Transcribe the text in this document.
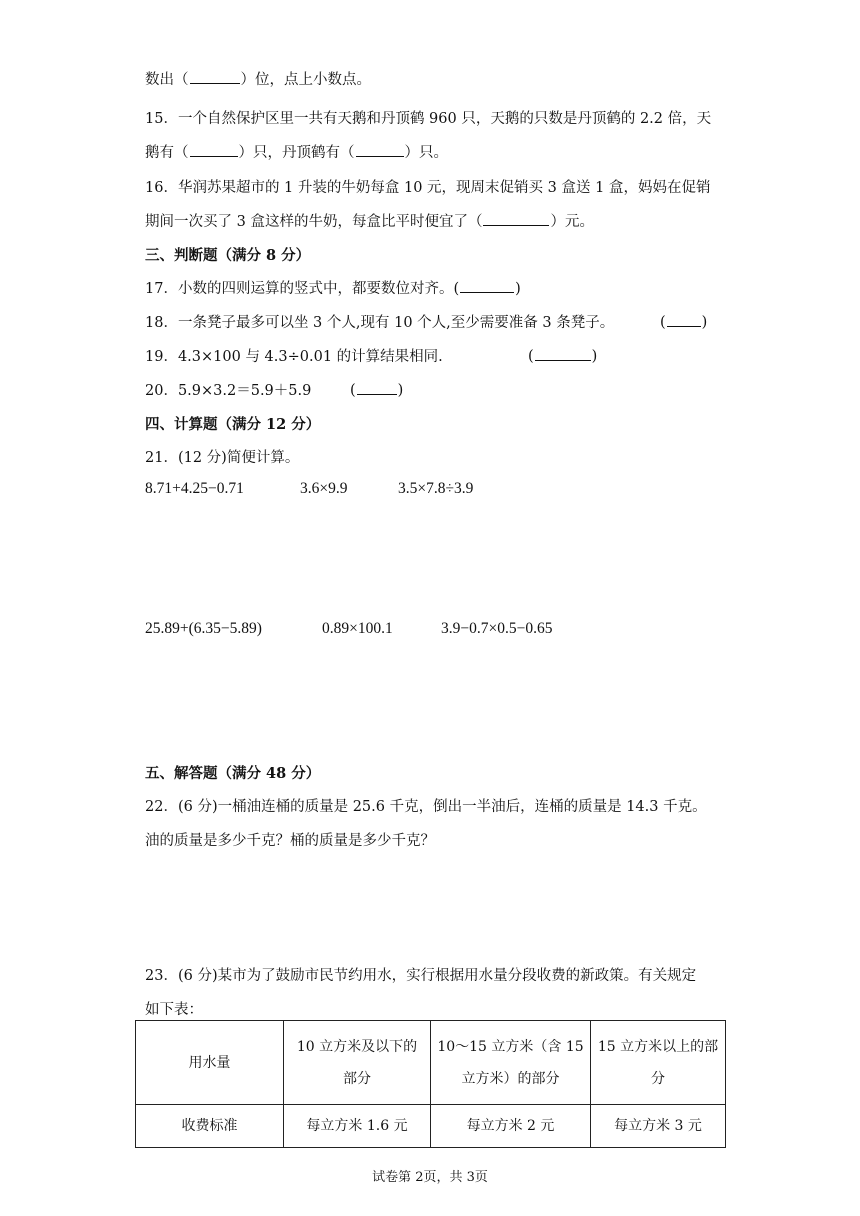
数出（	）位，点上小数点。
15．一个自然保护区里一共有天鹅和丹顶鹤 960 只，天鹅的只数是丹顶鹤的 2.2 倍，天
鹅有（	）只，丹顶鹤有（	）只。
16．华润苏果超市的 1 升装的牛奶每盒 10 元，现周末促销买 3 盒送 1 盒，妈妈在促销
期间一次买了 3 盒这样的牛奶，每盒比平时便宜了（	）元。
三、判断题（满分 8 分）
17．小数的四则运算的竖式中，都要数位对齐。(	)
18．一条凳子最多可以坐 3 个人,现有 10 个人,至少需要准备 3 条凳子。	( )
19．4.3×100 与 4.3÷0.01 的计算结果相同.	(	)
20．5.9×3.2＝5.9＋5.9	(	)
四、计算题（满分 12 分）
21．(12 分)简便计算。
8.71+4.25−0.71	3.6×9.9	3.5×7.8÷3.9
25.89+(6.35−5.89)	0.89×100.1	3.9−0.7×0.5−0.65
五、解答题（满分 48 分）
22．(6 分)一桶油连桶的质量是 25.6 千克，倒出一半油后，连桶的质量是 14.3 千克。
油的质量是多少千克？桶的质量是多少千克？
23．(6 分)某市为了鼓励市民节约用水，实行根据用水量分段收费的新政策。有关规定
如下表：
用水量	10 立方米及以下的部分	10～15 立方米（含 15 立方米）的部分	15 立方米以上的部分
收费标准	每立方米 1.6 元	每立方米 2 元	每立方米 3 元
试卷第 2页，共 3页
